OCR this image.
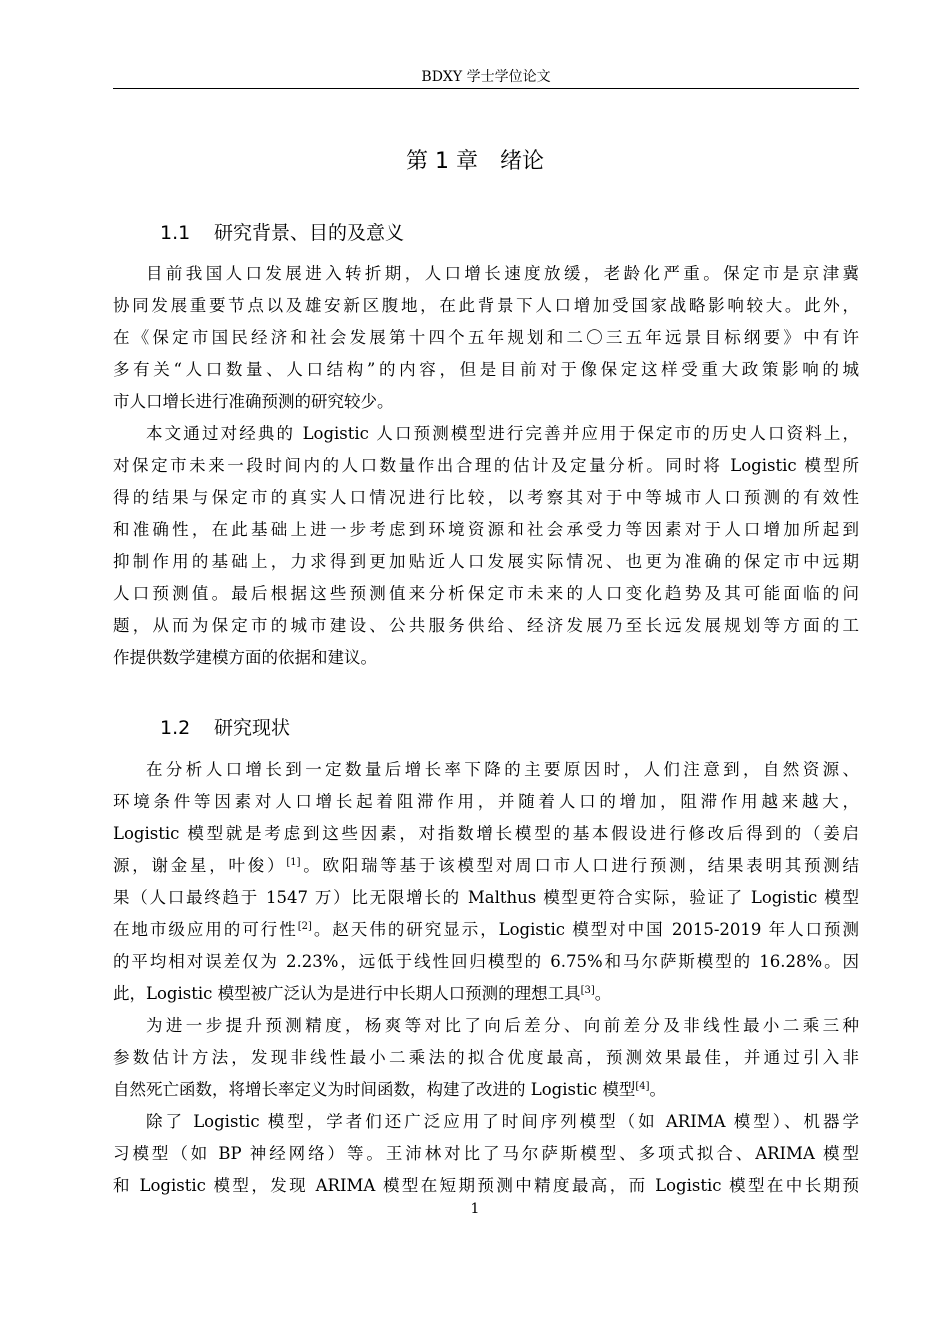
BDXY 学士学位论文
第 1 章　绪论
1.1 研究背景、目的及意义
目前我国人口发展进入转折期，人口增长速度放缓，老龄化严重。保定市是京津冀
协同发展重要节点以及雄安新区腹地，在此背景下人口增加受国家战略影响较大。此外，
在《保定市国民经济和社会发展第十四个五年规划和二〇三五年远景目标纲要》中有许
多有关“人口数量、人口结构”的内容，但是目前对于像保定这样受重大政策影响的城
市人口增长进行准确预测的研究较少。
本文通过对经典的 Logistic 人口预测模型进行完善并应用于保定市的历史人口资料上，
对保定市未来一段时间内的人口数量作出合理的估计及定量分析。同时将 Logistic 模型所
得的结果与保定市的真实人口情况进行比较，以考察其对于中等城市人口预测的有效性
和准确性，在此基础上进一步考虑到环境资源和社会承受力等因素对于人口增加所起到
抑制作用的基础上，力求得到更加贴近人口发展实际情况、也更为准确的保定市中远期
人口预测值。最后根据这些预测值来分析保定市未来的人口变化趋势及其可能面临的问
题，从而为保定市的城市建设、公共服务供给、经济发展乃至长远发展规划等方面的工
作提供数学建模方面的依据和建议。
1.2 研究现状
在分析人口增长到一定数量后增长率下降的主要原因时，人们注意到，自然资源、
环境条件等因素对人口增长起着阻滞作用，并随着人口的增加，阻滞作用越来越大，
Logistic 模型就是考虑到这些因素，对指数增长模型的基本假设进行修改后得到的（姜启
源，谢金星，叶俊）[1]。欧阳瑞等基于该模型对周口市人口进行预测，结果表明其预测结
果（人口最终趋于 1547 万）比无限增长的 Malthus 模型更符合实际，验证了 Logistic 模型
在地市级应用的可行性[2]。赵天伟的研究显示，Logistic 模型对中国 2015-2019 年人口预测
的平均相对误差仅为 2.23%，远低于线性回归模型的 6.75%和马尔萨斯模型的 16.28%。因
此，Logistic 模型被广泛认为是进行中长期人口预测的理想工具[3]。
为进一步提升预测精度，杨爽等对比了向后差分、向前差分及非线性最小二乘三种
参数估计方法，发现非线性最小二乘法的拟合优度最高，预测效果最佳，并通过引入非
自然死亡函数，将增长率定义为时间函数，构建了改进的 Logistic 模型[4]。
除了 Logistic 模型，学者们还广泛应用了时间序列模型（如 ARIMA 模型）、机器学
习模型（如 BP 神经网络）等。王沛林对比了马尔萨斯模型、多项式拟合、ARIMA 模型
和 Logistic 模型，发现 ARIMA 模型在短期预测中精度最高，而 Logistic 模型在中长期预
1
